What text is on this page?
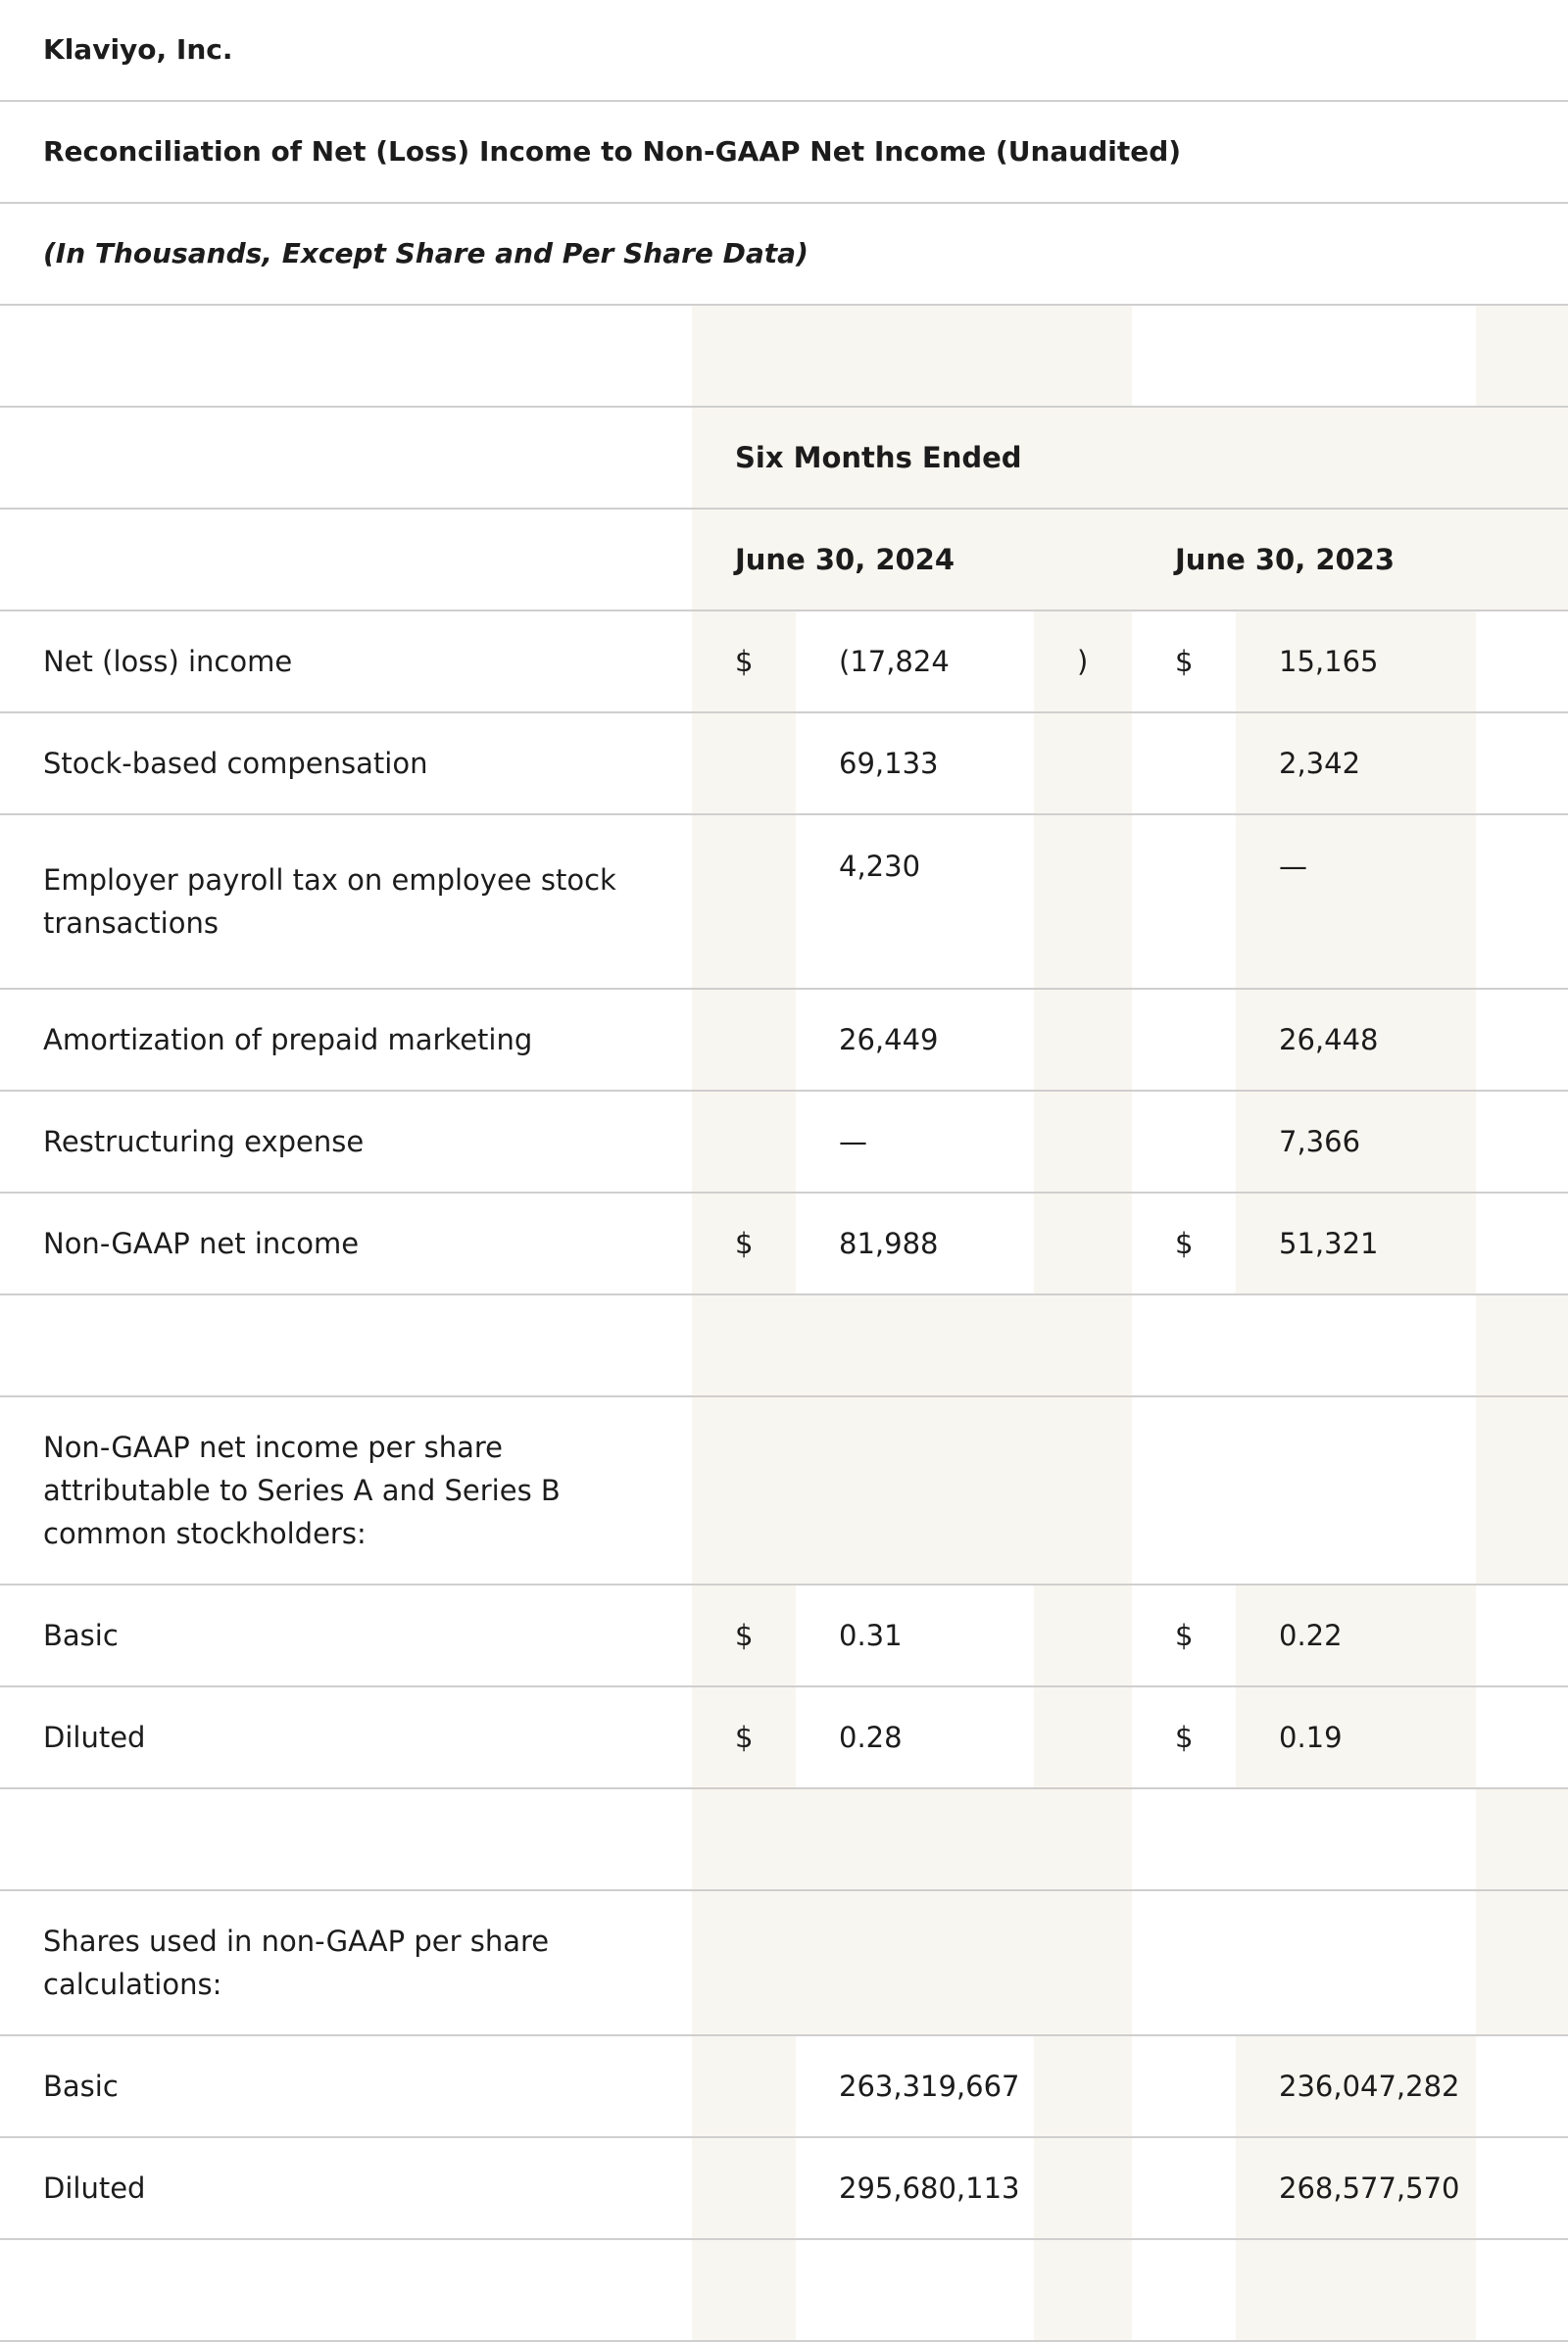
Klaviyo, Inc.						
Reconciliation of Net (Loss) Income to Non-GAAP Net Income (Unaudited)						
(In Thousands, Except Share and Per Share Data)						

	Six Months Ended					
	June 30, 2024			June 30, 2023		
Net (loss) income	$	(17,824	)	$	15,165	
Stock-based compensation		69,133			2,342	
Employer payroll tax on employee stock transactions		4,230			—	
Amortization of prepaid marketing		26,449			26,448	
Restructuring expense		—			7,366	
Non-GAAP net income	$	81,988		$	51,321	

Non-GAAP net income per share attributable to Series A and Series B common stockholders:						
Basic	$	0.31		$	0.22	
Diluted	$	0.28		$	0.19	

Shares used in non-GAAP per share calculations:						
Basic		263,319,667			236,047,282	
Diluted		295,680,113			268,577,570	
